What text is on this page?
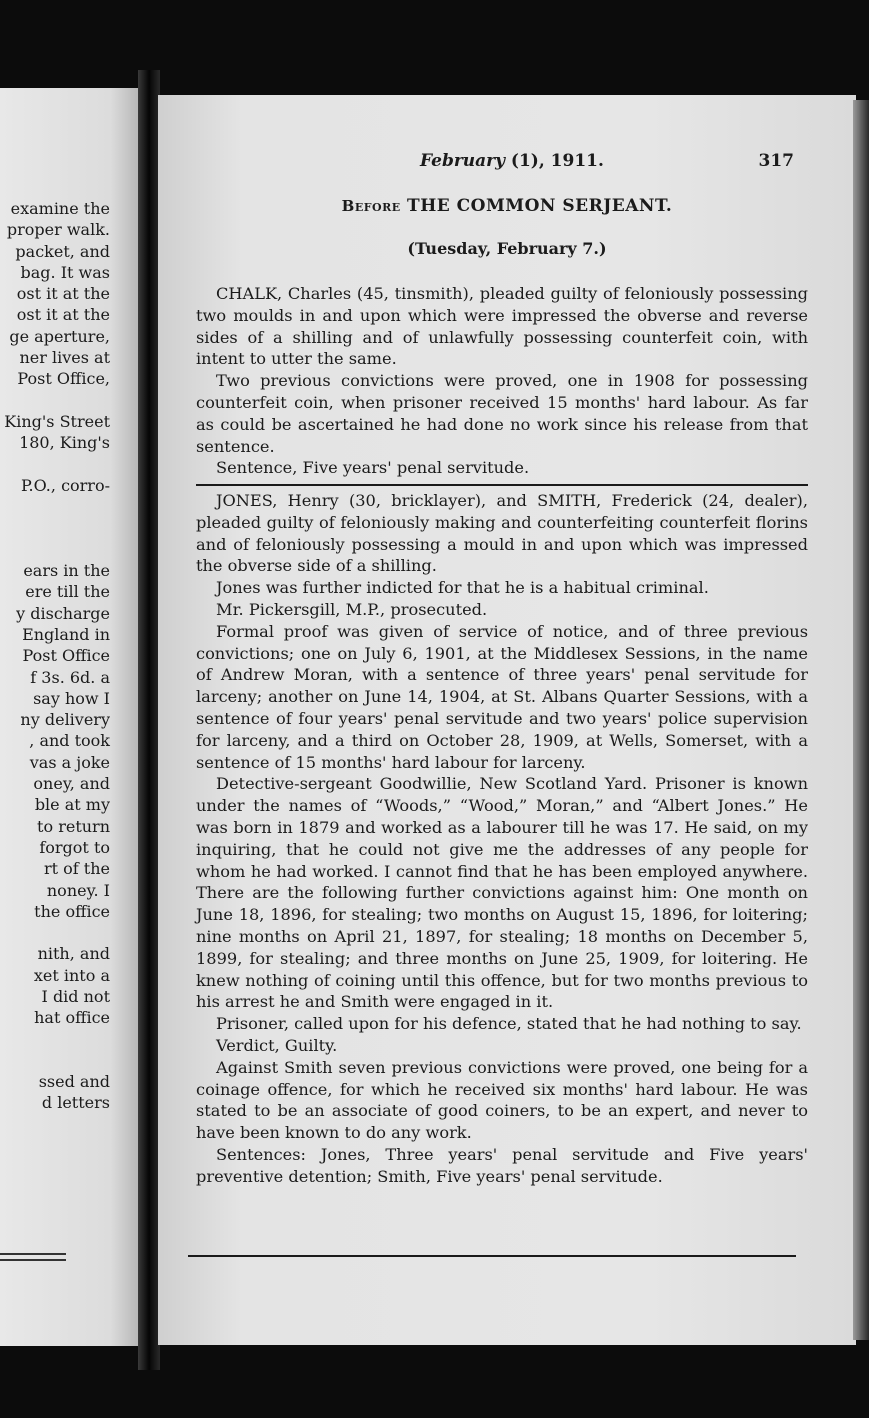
examine the
proper walk.
packet, and
bag. It was
ost it at the
ost it at the
ge aperture,
ner lives at
Post Office,
King's Street
180, King's
P.O., corro-
ears in the
ere till the
y discharge
England in
Post Office
f 3s. 6d. a
say how I
ny delivery
, and took
vas a joke
oney, and
ble at my
to return
forgot to
rt of the
noney. I
the office
nith, and
xet into a
I did not
hat office
ssed and
d letters
February (1), 1911.	317
Before THE COMMON SERJEANT.
(Tuesday, February 7.)

CHALK, Charles (45, tinsmith), pleaded guilty of feloniously possessing two moulds in and upon which were impressed the obverse and reverse sides of a shilling and of unlawfully possessing counterfeit coin, with intent to utter the same.

Two previous convictions were proved, one in 1908 for possessing counterfeit coin, when prisoner received 15 months' hard labour. As far as could be ascertained he had done no work since his release from that sentence.

Sentence, Five years' penal servitude.

JONES, Henry (30, bricklayer), and SMITH, Frederick (24, dealer), pleaded guilty of feloniously making and counterfeiting counterfeit florins and of feloniously possessing a mould in and upon which was impressed the obverse side of a shilling.

Jones was further indicted for that he is a habitual criminal.

Mr. Pickersgill, M.P., prosecuted.

Formal proof was given of service of notice, and of three previous convictions; one on July 6, 1901, at the Middlesex Sessions, in the name of Andrew Moran, with a sentence of three years' penal servitude for larceny; another on June 14, 1904, at St. Albans Quarter Sessions, with a sentence of four years' penal servitude and two years' police supervision for larceny, and a third on October 28, 1909, at Wells, Somerset, with a sentence of 15 months' hard labour for larceny.

Detective-sergeant Goodwillie, New Scotland Yard. Prisoner is known under the names of “Woods,” “Wood,” Moran,” and “Albert Jones.” He was born in 1879 and worked as a labourer till he was 17. He said, on my inquiring, that he could not give me the addresses of any people for whom he had worked. I cannot find that he has been employed anywhere. There are the following further convictions against him: One month on June 18, 1896, for stealing; two months on August 15, 1896, for loitering; nine months on April 21, 1897, for stealing; 18 months on December 5, 1899, for stealing; and three months on June 25, 1909, for loitering. He knew nothing of coining until this offence, but for two months previous to his arrest he and Smith were engaged in it.

Prisoner, called upon for his defence, stated that he had nothing to say.

Verdict, Guilty.

Against Smith seven previous convictions were proved, one being for a coinage offence, for which he received six months' hard labour. He was stated to be an associate of good coiners, to be an expert, and never to have been known to do any work.

Sentences: Jones, Three years' penal servitude and Five years' preventive detention; Smith, Five years' penal servitude.
